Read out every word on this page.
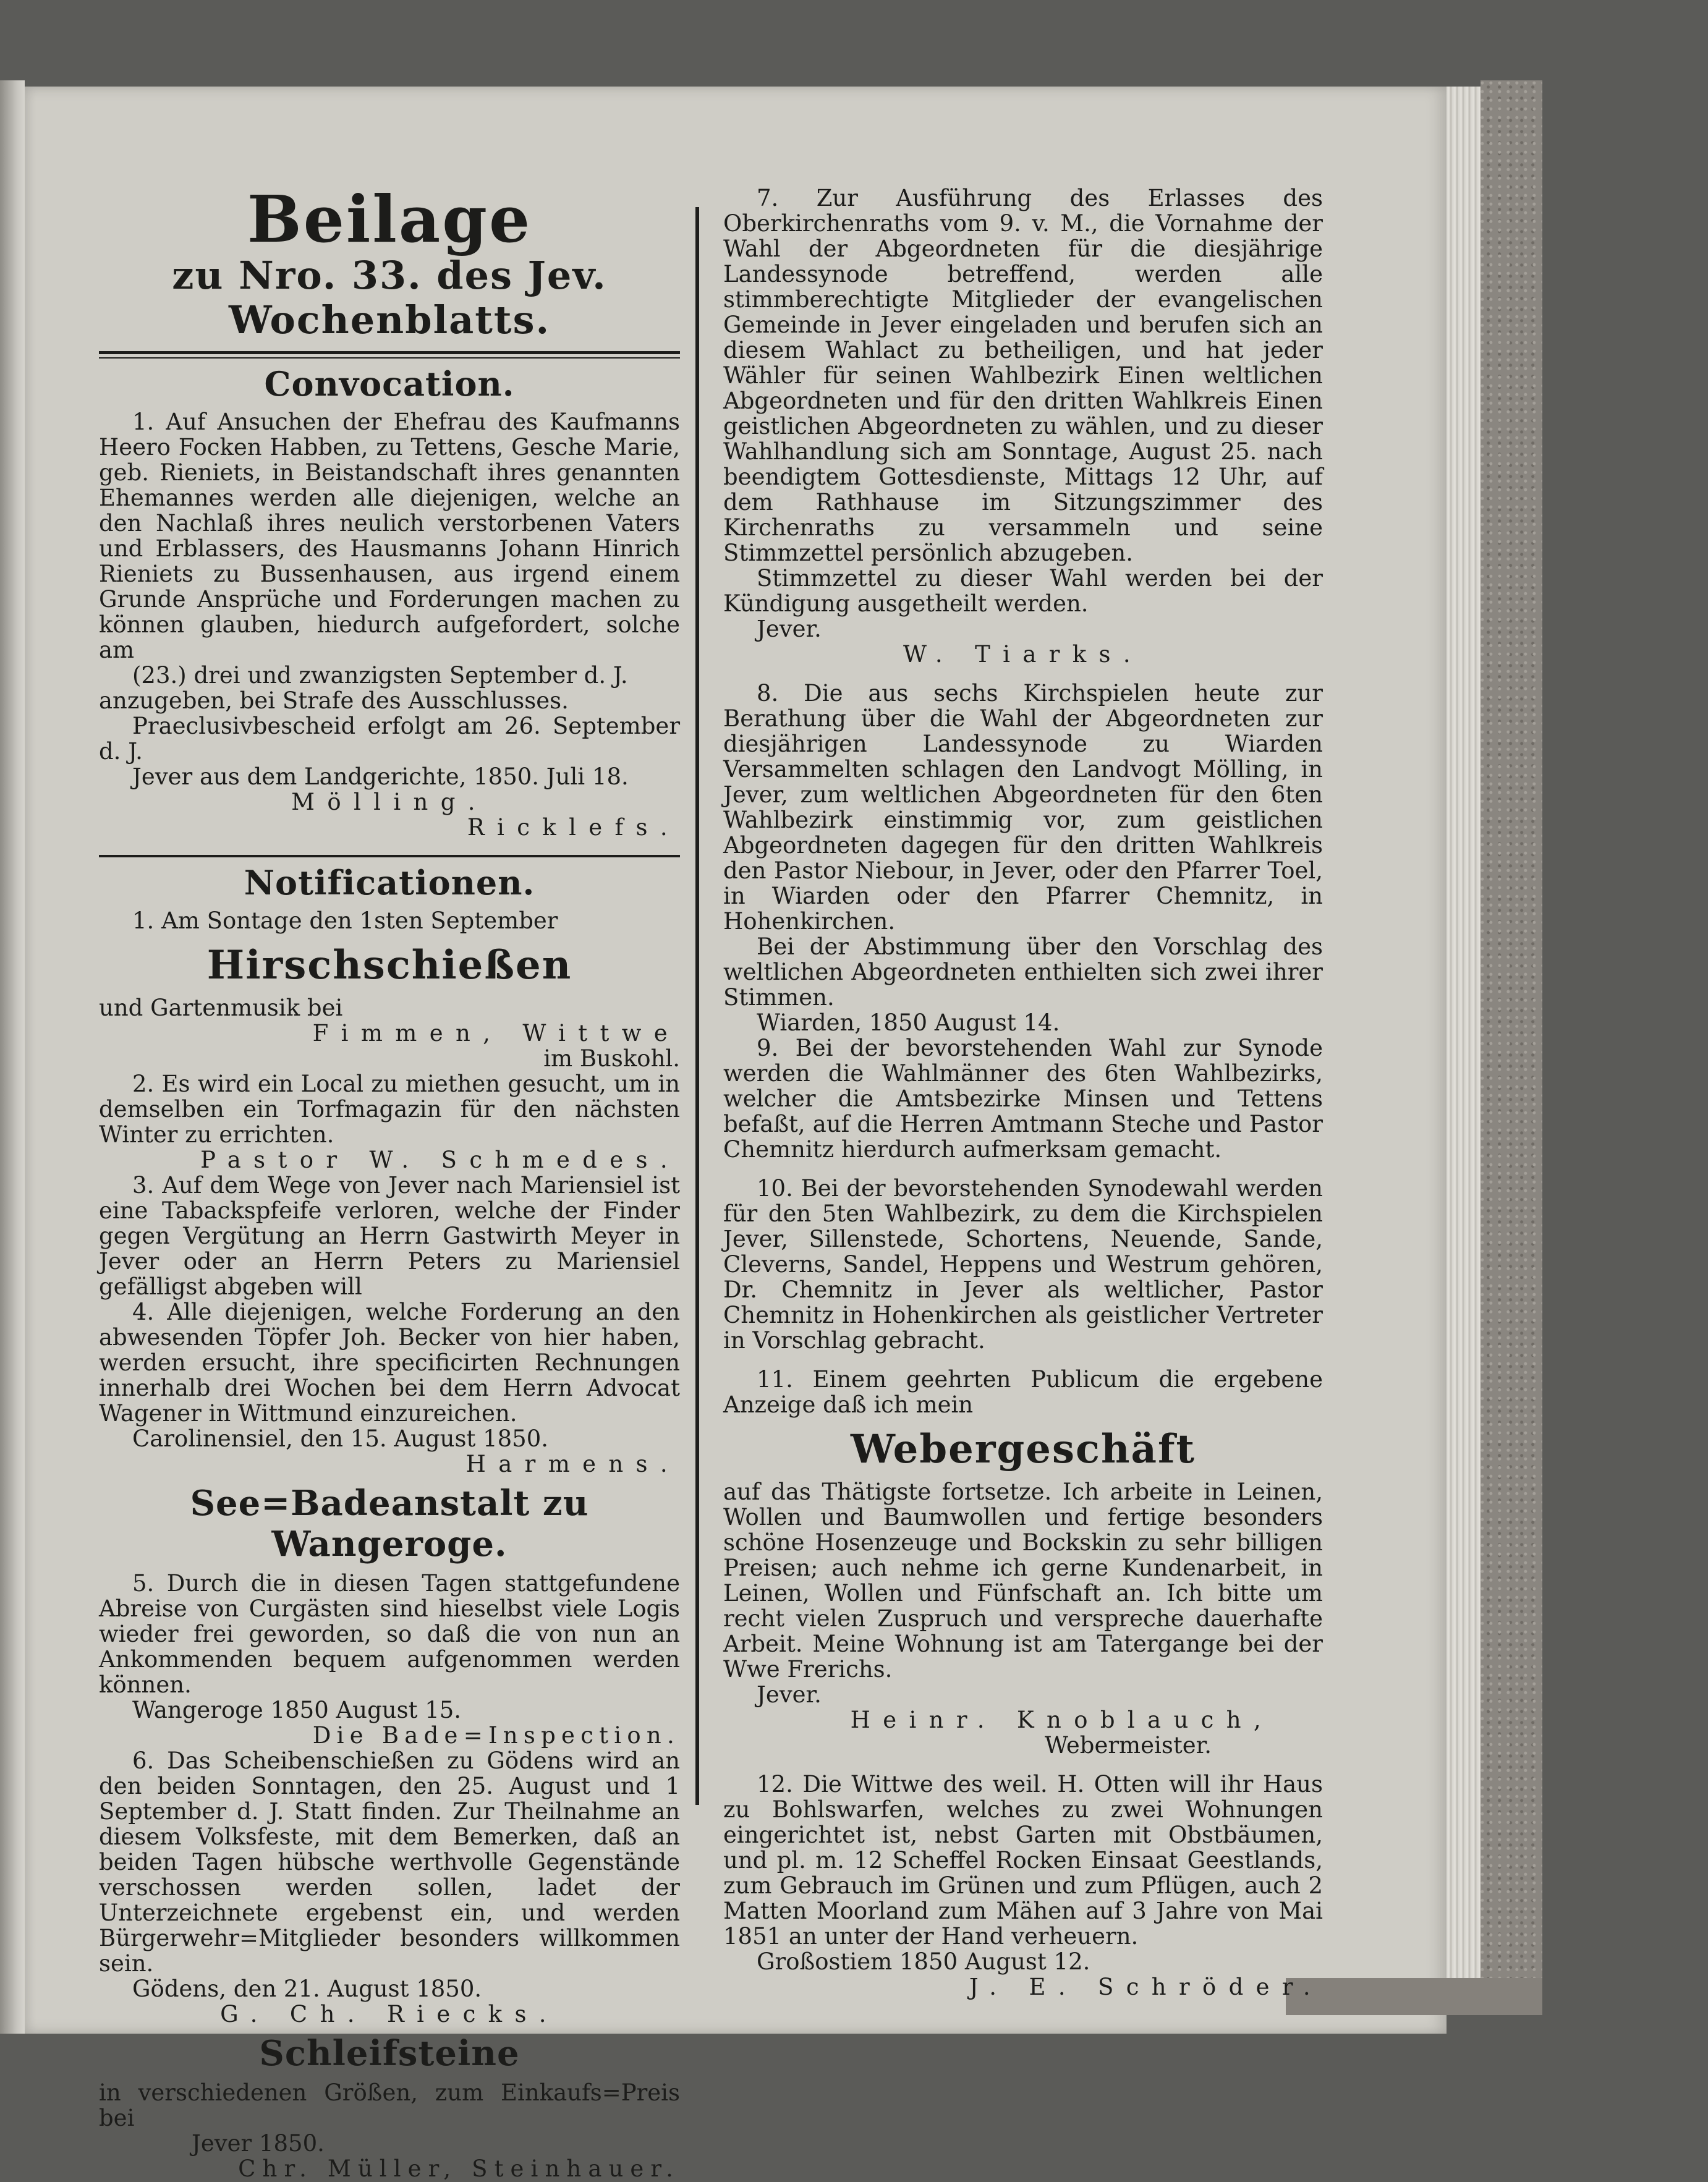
Beilage

zu Nro. 33. des Jev. Wochenblatts.

Convocation.

1. Auf Ansuchen der Ehefrau des Kaufmanns Heero Focken Habben, zu Tettens, Gesche Marie, geb. Rieniets, in Beistandschaft ihres genannten Ehemannes werden alle diejenigen, welche an den Nachlaß ihres neulich verstorbenen Vaters und Erblassers, des Hausmanns Johann Hinrich Rieniets zu Bussenhausen, aus irgend einem Grunde Ansprüche und Forderungen machen zu können glauben, hiedurch aufgefordert, solche am

(23.) drei und zwanzigsten September d. J.

anzugeben, bei Strafe des Ausschlusses.

Praeclusivbescheid erfolgt am 26. September d. J.

Jever aus dem Landgerichte, 1850. Juli 18.

Mölling.

Ricklefs.

Notificationen.

1. Am Sontage den 1sten September

Hirschschießen

und Gartenmusik bei

Fimmen, Wittwe

im Buskohl.

2. Es wird ein Local zu miethen gesucht, um in demselben ein Torfmagazin für den nächsten Winter zu errichten.

Pastor W. Schmedes.

3. Auf dem Wege von Jever nach Mariensiel ist eine Tabackspfeife verloren, welche der Finder gegen Vergütung an Herrn Gastwirth Meyer in Jever oder an Herrn Peters zu Mariensiel gefälligst abgeben will

4. Alle diejenigen, welche Forderung an den abwesenden Töpfer Joh. Becker von hier haben, werden ersucht, ihre specificirten Rechnungen innerhalb drei Wochen bei dem Herrn Advocat Wagener in Wittmund einzureichen.

Carolinensiel, den 15. August 1850.

Harmens.

See=Badeanstalt zu Wangeroge.

5. Durch die in diesen Tagen stattgefundene Abreise von Curgästen sind hieselbst viele Logis wieder frei geworden, so daß die von nun an Ankommenden bequem aufgenommen werden können.

Wangeroge 1850 August 15.

Die Bade=Inspection.

6. Das Scheibenschießen zu Gödens wird an den beiden Sonntagen, den 25. August und 1 September d. J. Statt finden. Zur Theilnahme an diesem Volksfeste, mit dem Bemerken, daß an beiden Tagen hübsche werthvolle Gegenstände verschossen werden sollen, ladet der Unterzeichnete ergebenst ein, und werden Bürgerwehr=Mitglieder besonders willkommen sein.

Gödens, den 21. August 1850.

G. Ch. Riecks.

Schleifsteine

in verschiedenen Größen, zum Einkaufs=Preis bei

Jever 1850.

Chr. Müller, Steinhauer.

7. Zur Ausführung des Erlasses des Oberkirchenraths vom 9. v. M., die Vornahme der Wahl der Abgeordneten für die diesjährige Landessynode betreffend, werden alle stimmberechtigte Mitglieder der evangelischen Gemeinde in Jever eingeladen und berufen sich an diesem Wahlact zu betheiligen, und hat jeder Wähler für seinen Wahlbezirk Einen weltlichen Abgeordneten und für den dritten Wahlkreis Einen geistlichen Abgeordneten zu wählen, und zu dieser Wahlhandlung sich am Sonntage, August 25. nach beendigtem Gottesdienste, Mittags 12 Uhr, auf dem Rathhause im Sitzungszimmer des Kirchenraths zu versammeln und seine Stimmzettel persönlich abzugeben.

Stimmzettel zu dieser Wahl werden bei der Kündigung ausgetheilt werden.

Jever.

W. Tiarks.

8. Die aus sechs Kirchspielen heute zur Berathung über die Wahl der Abgeordneten zur diesjährigen Landessynode zu Wiarden Versammelten schlagen den Landvogt Mölling, in Jever, zum weltlichen Abgeordneten für den 6ten Wahlbezirk einstimmig vor, zum geistlichen Abgeordneten dagegen für den dritten Wahlkreis den Pastor Niebour, in Jever, oder den Pfarrer Toel, in Wiarden oder den Pfarrer Chemnitz, in Hohenkirchen.

Bei der Abstimmung über den Vorschlag des weltlichen Abgeordneten enthielten sich zwei ihrer Stimmen.

Wiarden, 1850 August 14.

9. Bei der bevorstehenden Wahl zur Synode werden die Wahlmänner des 6ten Wahlbezirks, welcher die Amtsbezirke Minsen und Tettens befaßt, auf die Herren Amtmann Steche und Pastor Chemnitz hierdurch aufmerksam gemacht.

10. Bei der bevorstehenden Synodewahl werden für den 5ten Wahlbezirk, zu dem die Kirchspielen Jever, Sillenstede, Schortens, Neuende, Sande, Cleverns, Sandel, Heppens und Westrum gehören, Dr. Chemnitz in Jever als weltlicher, Pastor Chemnitz in Hohenkirchen als geistlicher Vertreter in Vorschlag gebracht.

11. Einem geehrten Publicum die ergebene Anzeige daß ich mein

Webergeschäft

auf das Thätigste fortsetze. Ich arbeite in Leinen, Wollen und Baumwollen und fertige besonders schöne Hosenzeuge und Bockskin zu sehr billigen Preisen; auch nehme ich gerne Kundenarbeit, in Leinen, Wollen und Fünfschaft an. Ich bitte um recht vielen Zuspruch und verspreche dauerhafte Arbeit. Meine Wohnung ist am Tatergange bei der Wwe Frerichs.

Jever.

Heinr. Knoblauch,

Webermeister.

12. Die Wittwe des weil. H. Otten will ihr Haus zu Bohlswarfen, welches zu zwei Wohnungen eingerichtet ist, nebst Garten mit Obstbäumen, und pl. m. 12 Scheffel Rocken Einsaat Geestlands, zum Gebrauch im Grünen und zum Pflügen, auch 2 Matten Moorland zum Mähen auf 3 Jahre von Mai 1851 an unter der Hand verheuern.

Großostiem 1850 August 12.

J. E. Schröder.
